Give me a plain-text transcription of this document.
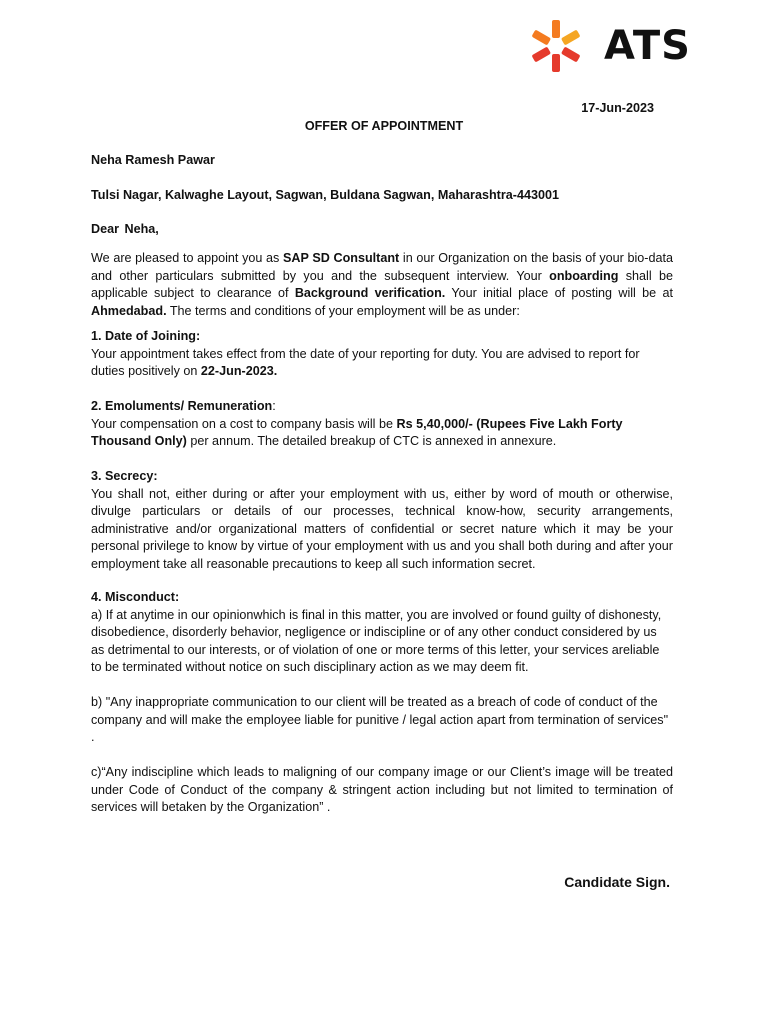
ATS
17-Jun-2023
OFFER OF APPOINTMENT
Neha Ramesh Pawar
Tulsi Nagar, Kalwaghe Layout, Sagwan, Buldana Sagwan, Maharashtra-443001
Dear Neha,
We are pleased to appoint you as SAP SD Consultant in our Organization on the basis of your bio-data and other particulars submitted by you and the subsequent interview. Your onboarding shall be applicable subject to clearance of Background verification. Your initial place of posting will be at Ahmedabad. The terms and conditions of your employment will be as under:
1. Date of Joining:
Your appointment takes effect from the date of your reporting for duty. You are advised to report for duties positively on 22-Jun-2023.
2. Emoluments/ Remuneration:
Your compensation on a cost to company basis will be Rs 5,40,000/- (Rupees Five Lakh Forty Thousand Only) per annum. The detailed breakup of CTC is annexed in annexure.
3. Secrecy:
You shall not, either during or after your employment with us, either by word of mouth or otherwise, divulge particulars or details of our processes, technical know-how, security arrangements, administrative and/or organizational matters of confidential or secret nature which it may be your personal privilege to know by virtue of your employment with us and you shall both during and after your employment take all reasonable precautions to keep all such information secret.
4. Misconduct:
a) If at anytime in our opinionwhich is final in this matter, you are involved or found guilty of dishonesty, disobedience, disorderly behavior, negligence or indiscipline or of any other conduct considered by us as detrimental to our interests, or of violation of one or more terms of this letter, your services areliable to be terminated without notice on such disciplinary action as we may deem fit.
b) "Any inappropriate communication to our client will be treated as a breach of code of conduct of the company and will make the employee liable for punitive / legal action apart from termination of services" .
c)“Any indiscipline which leads to maligning of our company image or our Client’s image will be treated under Code of Conduct of the company & stringent action including but not limited to termination of services will betaken by the Organization” .
Candidate Sign.
